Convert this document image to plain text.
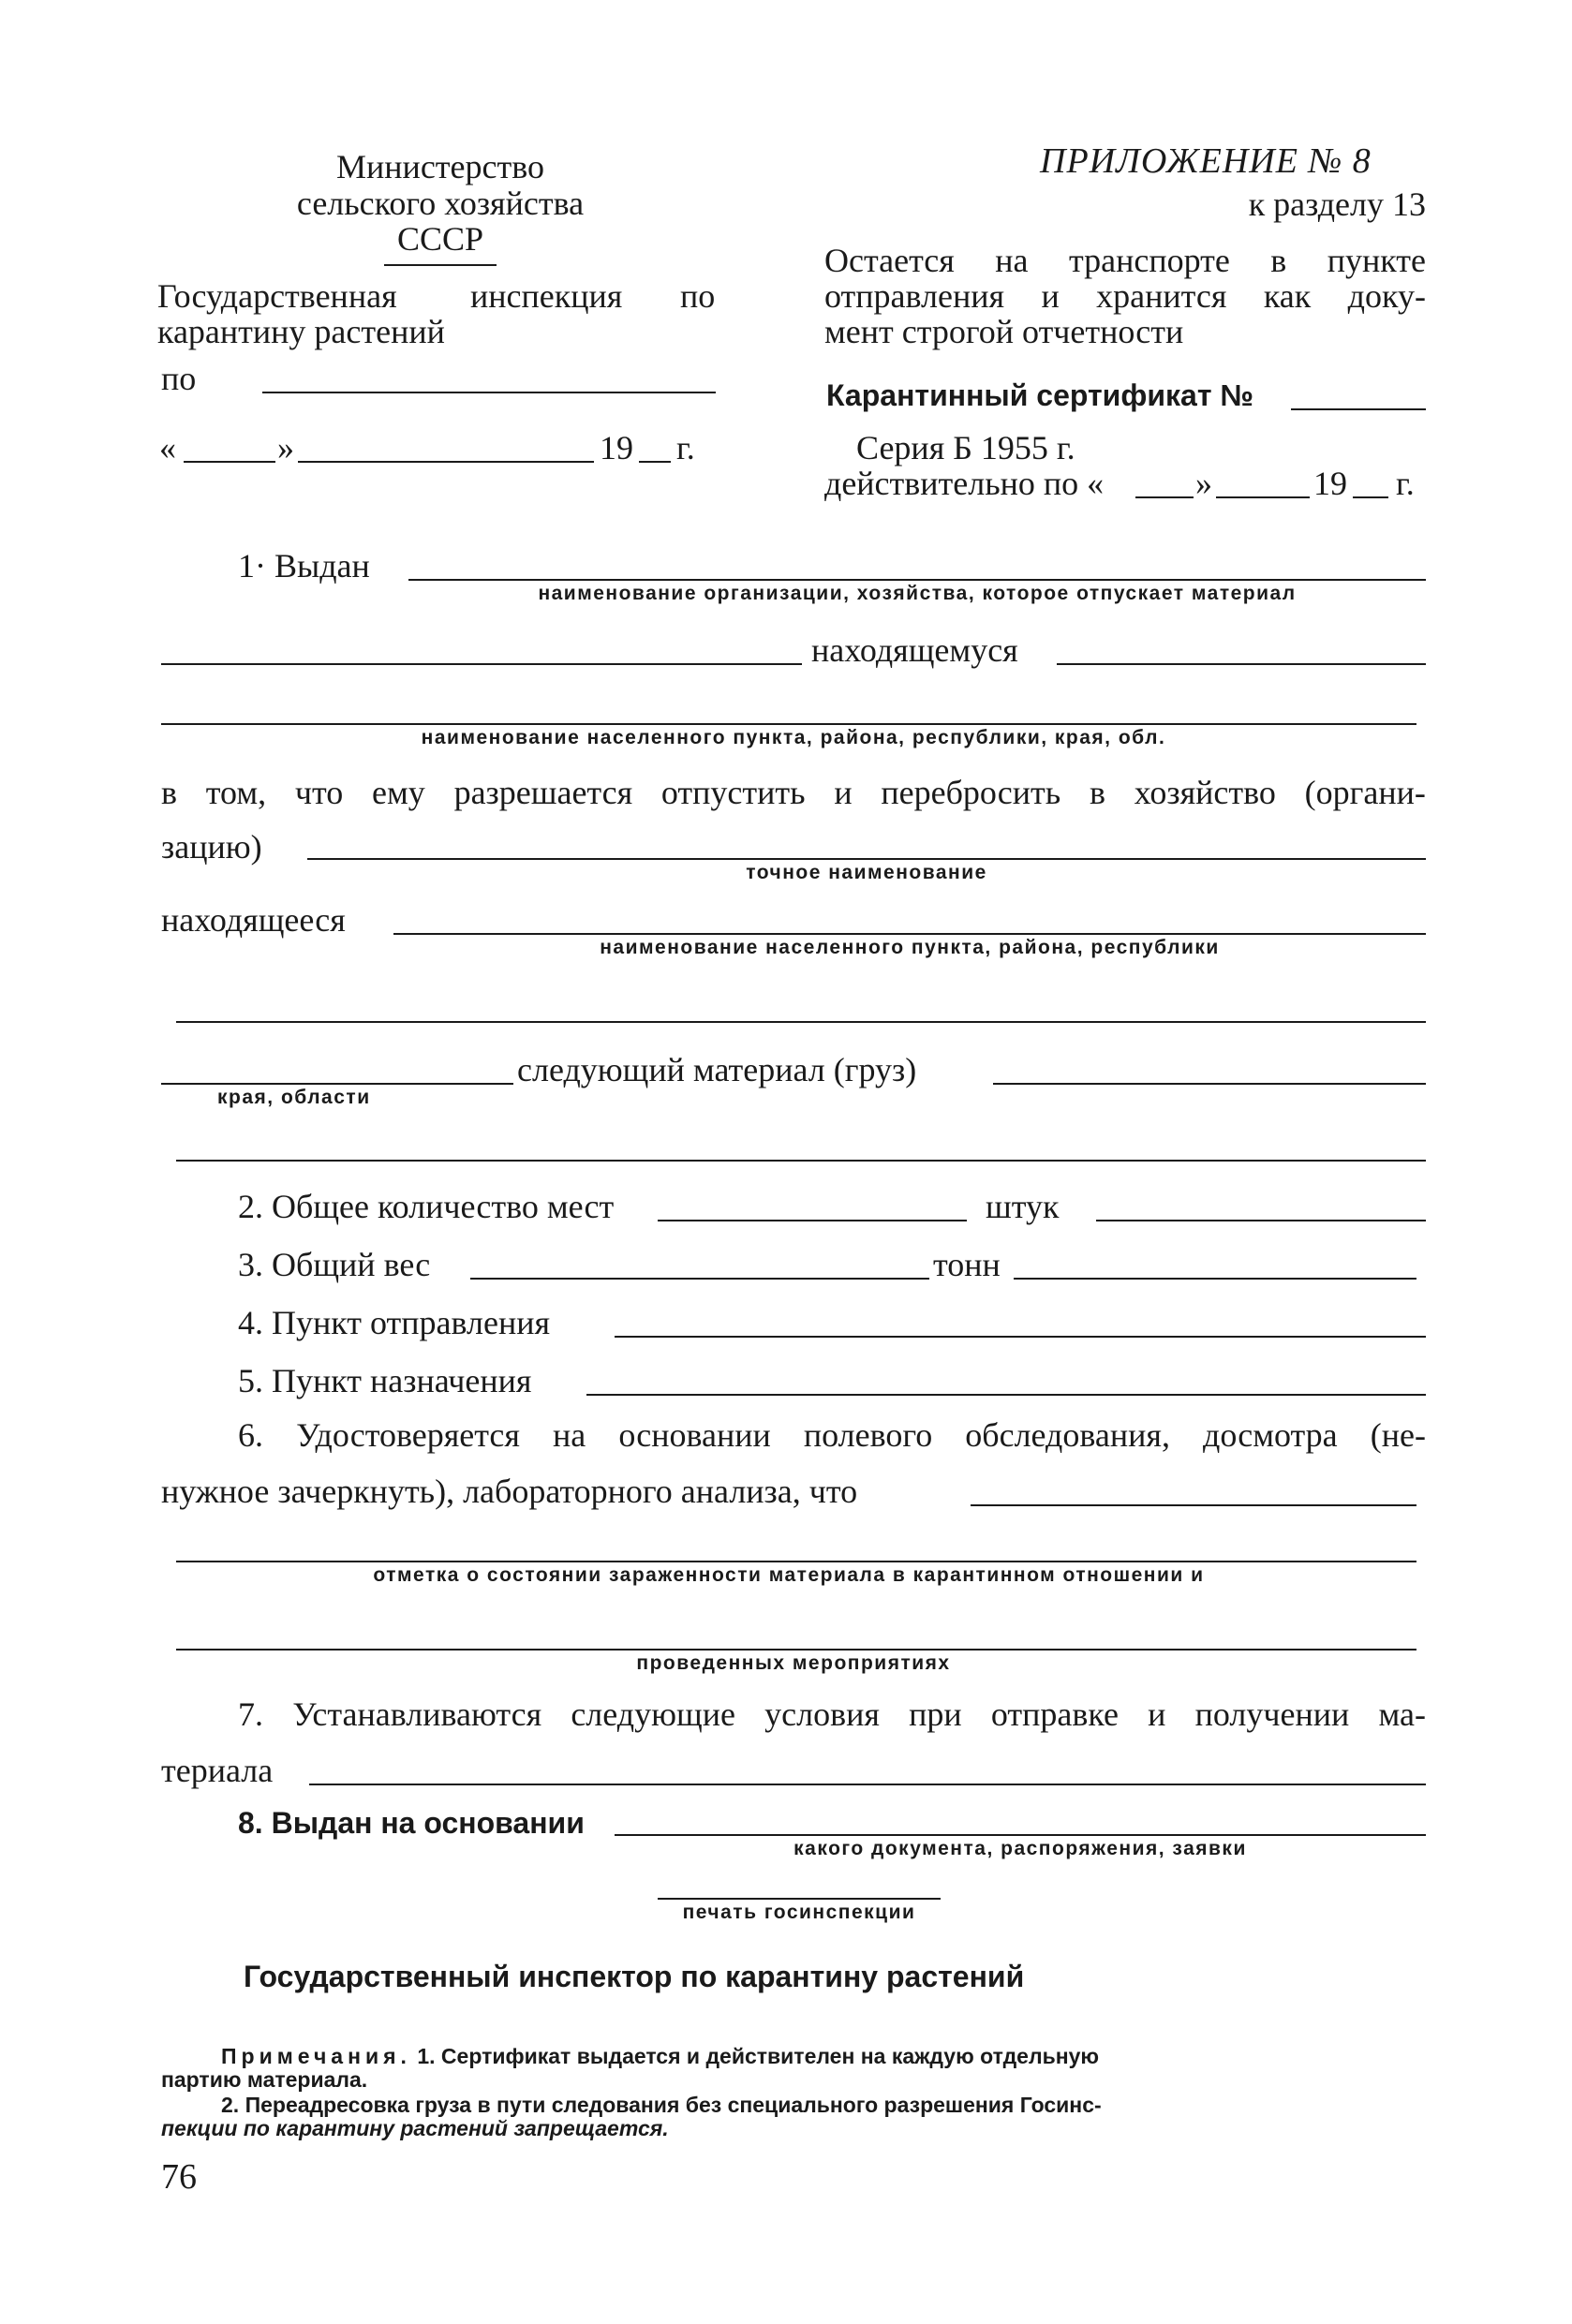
Министерство
сельского хозяйства
СССР
Государственная инспекция по
карантину растений
по
«	»	19 г.
ПРИЛОЖЕНИЕ № 8
к разделу 13
Остается на транспорте в пункте
отправления и хранится как доку-
мент строгой отчетности
Карантинный сертификат №
Серия Б 1955 г.
действительно по «	»	19 г.
1· Выдан
наименование организации, хозяйства, которое отпускает материал
находящемуся
наименование населенного пункта, района, республики, края, обл.
в том, что ему разрешается отпустить и перебросить в хозяйство (органи-
зацию)
точное наименование
находящееся
наименование населенного пункта, района, республики
следующий материал (груз)
края, области
2. Общее количество мест	штук
3. Общий вес	тонн
4. Пункт отправления
5. Пункт назначения
6. Удостоверяется на основании полевого обследования, досмотра (не-
нужное зачеркнуть), лабораторного анализа, что
отметка о состоянии зараженности материала в карантинном отношении и
проведенных мероприятиях
7. Устанавливаются следующие условия при отправке и получении ма-
териала
8. Выдан на основании
какого документа, распоряжения, заявки
печать госинспекции
Государственный инспектор по карантину растений
Примечания. 1. Сертификат выдается и действителен на каждую отдельную
партию материала.
2. Переадресовка груза в пути следования без специального разрешения Госинс-
пекции по карантину растений запрещается.
76
